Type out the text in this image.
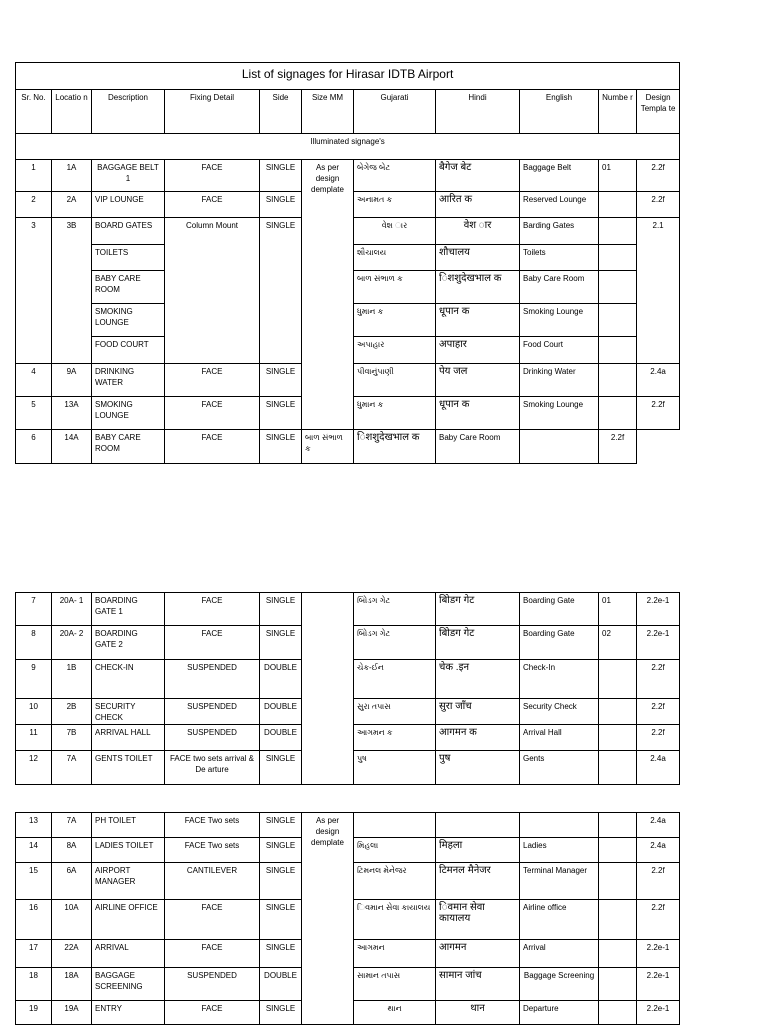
List of signages for Hirasar IDTB Airport										
Sr. No.	Locatio n	Description	Fixing Detail	Side	Size MM	Gujarati	Hindi	English	Numbe r	Design Templa te
Illuminated signage's										
1	1A	BAGGAGE BELT 1	FACE	SINGLE	As per design demplate	બેગેજ બેટ	बैगेज बेट	Baggage Belt	01	2.2f
2	2A	VIP LOUNGE	FACE	SINGLE		અનામત ક	आरित क	Reserved Lounge		2.2f
3	3B	BOARD GATES	Column Mount	SINGLE		વેશ ાર	वेश ार	Barding Gates		2.1
		TOILETS				શૌચાલય	शौचालय	Toilets		
		BABY CARE ROOM				બાળ સંભાળ ક	िशशुदेखभाल क	Baby Care Room		
		SMOKING LOUNGE				ધુમાન ક	धूपान क	Smoking Lounge		
		FOOD COURT				અપાહાર	अपाहार	Food Court		
4	9A	DRINKING WATER	FACE	SINGLE		પીવાનુંપાણી	पेय जल	Drinking Water		2.4a
5	13A	SMOKING LOUNGE	FACE	SINGLE		ધુમાન ક	धूपान क	Smoking Lounge		2.2f
6	14A	BABY CARE ROOM	FACE	SINGLE	બાળ સંભાળ ક	िशशुदेखभाल क	Baby Care Room		2.2f	
7	20A- 1	BOARDING GATE 1	FACE	SINGLE		બિોડગ ગેટ	बोिडग गेट	Boarding Gate	01	2.2e-1
8	20A- 2	BOARDING GATE 2	FACE	SINGLE		બિોડગ ગેટ	बोिडग गेट	Boarding Gate	02	2.2e-1
9	1B	CHECK-IN	SUSPENDED	DOUBLE		ચેક-ઈન	चेक .इन	Check-In		2.2f
10	2B	SECURITY CHECK	SUSPENDED	DOUBLE		સુરા તપાસ	सुरा जाँच	Security Check		2.2f
11	7B	ARRIVAL HALL	SUSPENDED	DOUBLE		આગમન ક	आगमन क	Arrival Hall		2.2f
12	7A	GENTS TOILET	FACE two sets arrival & De arture	SINGLE		પુષ	पुष	Gents		2.4a
13	7A	PH TOILET	FACE Two sets	SINGLE	As per design demplate					2.4a
14	8A	LADIES TOILET	FACE Two sets	SINGLE		મિહલા	मिहला	Ladies		2.4a
15	6A	AIRPORT MANAGER	CANTILEVER	SINGLE		ટિમનલ મેનેજર	टिमनल मैनेजर	Terminal Manager		2.2f
16	10A	AIRLINE OFFICE	FACE	SINGLE		િવમાન સેવા કાયાલય	िवमान सेवा कायालय	Airline office		2.2f
17	22A	ARRIVAL	FACE	SINGLE		આગમન	आगमन	Arrival		2.2e-1
18	18A	BAGGAGE SCREENING	SUSPENDED	DOUBLE		સામાન તપાસ	सामान जांच	Baggage Screening		2.2e-1
19	19A	ENTRY	FACE	SINGLE		થાન	थान	Departure		2.2e-1
